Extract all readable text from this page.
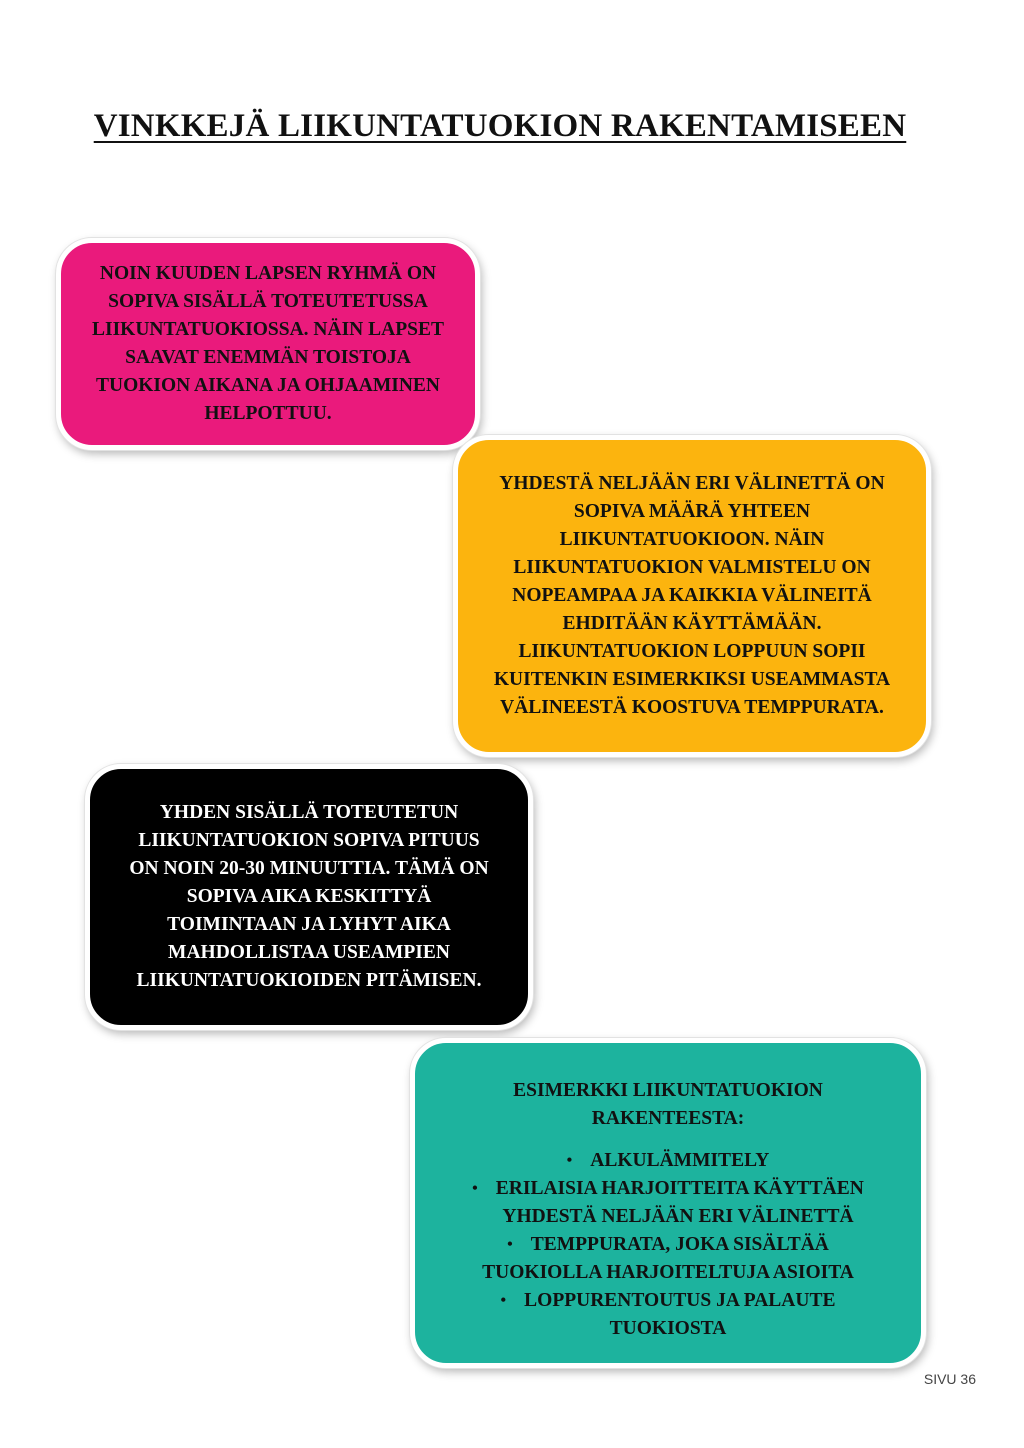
VINKKEJÄ LIIKUNTATUOKION RAKENTAMISEEN

NOIN KUUDEN LAPSEN RYHMÄ ON

SOPIVA SISÄLLÄ TOTEUTETUSSA

LIIKUNTATUOKIOSSA. NÄIN LAPSET

SAAVAT ENEMMÄN TOISTOJA

TUOKION AIKANA JA OHJAAMINEN

HELPOTTUU.

YHDESTÄ NELJÄÄN ERI VÄLINETTÄ ON

SOPIVA MÄÄRÄ YHTEEN

LIIKUNTATUOKIOON. NÄIN

LIIKUNTATUOKION VALMISTELU ON

NOPEAMPAA JA KAIKKIA VÄLINEITÄ

EHDITÄÄN KÄYTTÄMÄÄN.

LIIKUNTATUOKION LOPPUUN SOPII

KUITENKIN ESIMERKIKSI USEAMMASTA

VÄLINEESTÄ KOOSTUVA TEMPPURATA.

YHDEN SISÄLLÄ TOTEUTETUN

LIIKUNTATUOKION SOPIVA PITUUS

ON NOIN 20-30 MINUUTTIA. TÄMÄ ON

SOPIVA AIKA KESKITTYÄ

TOIMINTAAN JA LYHYT AIKA

MAHDOLLISTAA USEAMPIEN

LIIKUNTATUOKIOIDEN PITÄMISEN.

ESIMERKKI LIIKUNTATUOKION

RAKENTEESTA:

• ALKULÄMMITELY

• ERILAISIA HARJOITTEITA KÄYTTÄEN

YHDESTÄ NELJÄÄN ERI VÄLINETTÄ

• TEMPPURATA, JOKA SISÄLTÄÄ

TUOKIOLLA HARJOITELTUJA ASIOITA

• LOPPURENTOUTUS JA PALAUTE

TUOKIOSTA

SIVU 36
